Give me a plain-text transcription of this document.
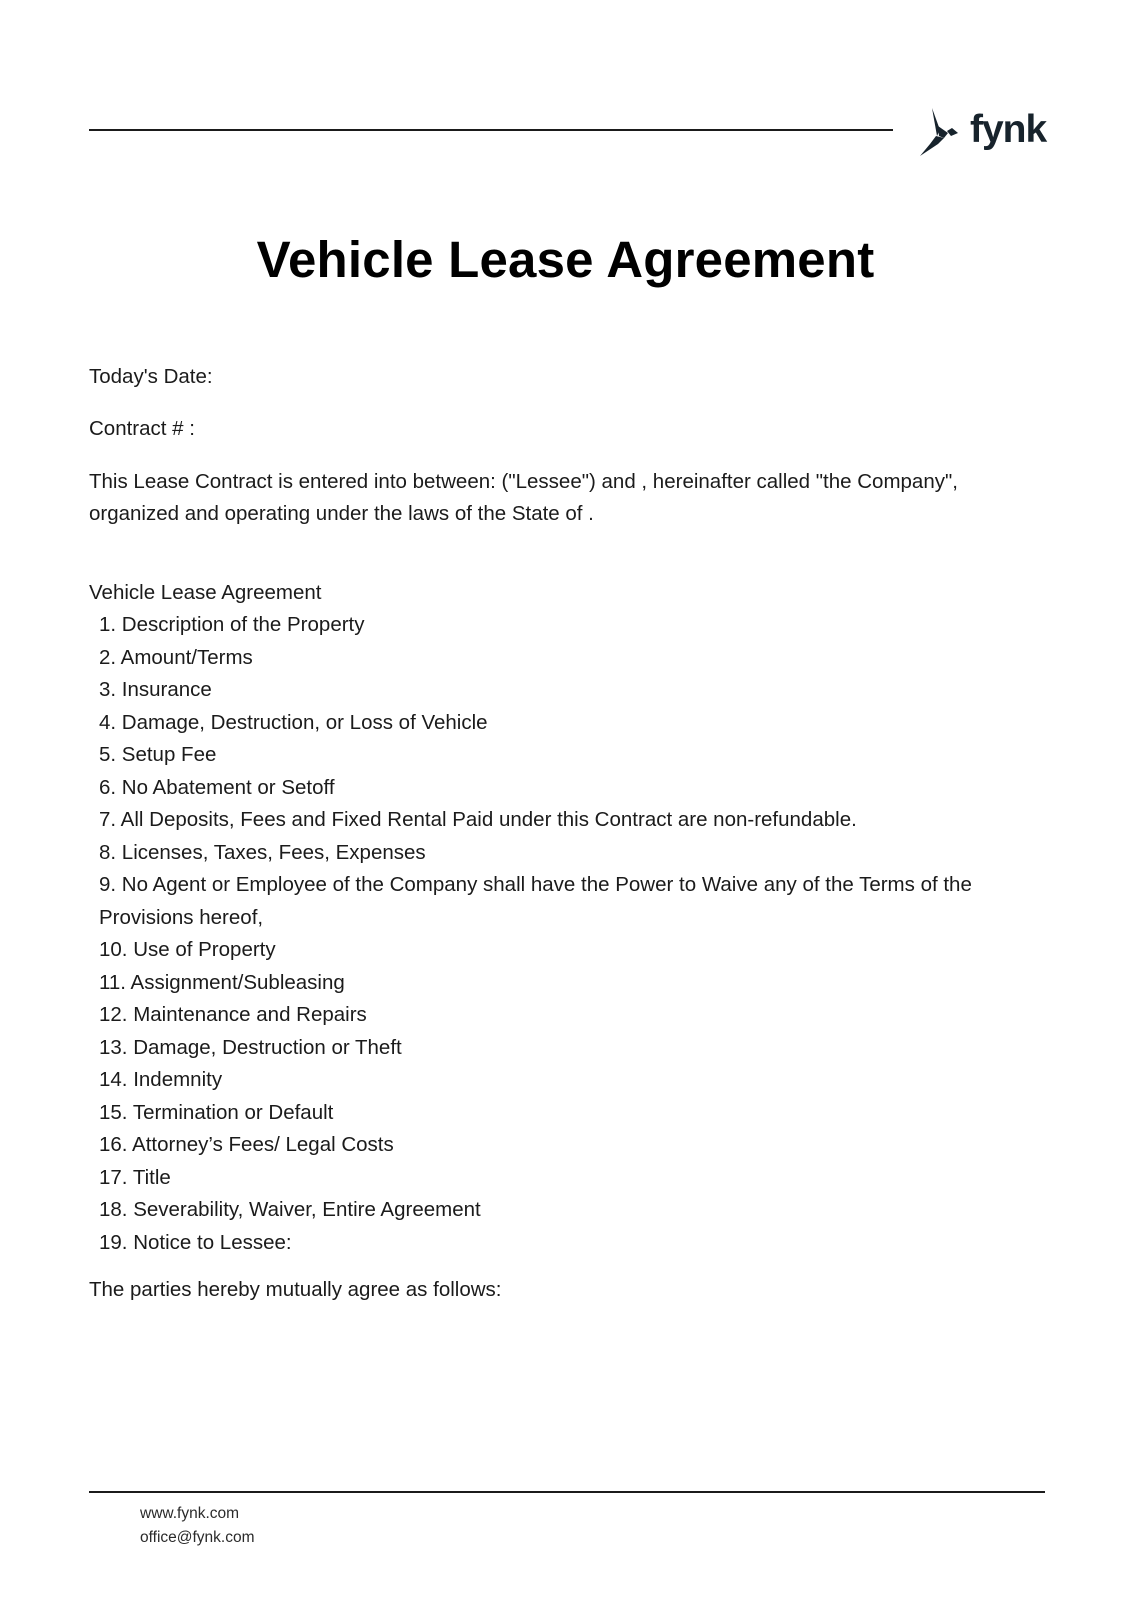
fynk
Vehicle Lease Agreement

Today's Date:

Contract # :

This Lease Contract is entered into between: ("Lessee") and , hereinafter called "the Company", organized and operating under the laws of the State of .

Vehicle Lease Agreement

1. Description of the Property
2. Amount/Terms
3. Insurance
4. Damage, Destruction, or Loss of Vehicle
5. Setup Fee
6. No Abatement or Setoff
7. All Deposits, Fees and Fixed Rental Paid under this Contract are non-refundable.
8. Licenses, Taxes, Fees, Expenses
9. No Agent or Employee of the Company shall have the Power to Waive any of the Terms of the Provisions hereof,
10. Use of Property
11. Assignment/Subleasing
12. Maintenance and Repairs
13. Damage, Destruction or Theft
14. Indemnity
15. Termination or Default
16. Attorney’s Fees/ Legal Costs
17. Title
18. Severability, Waiver, Entire Agreement
19. Notice to Lessee:

The parties hereby mutually agree as follows:

www.fynk.com
office@fynk.com
